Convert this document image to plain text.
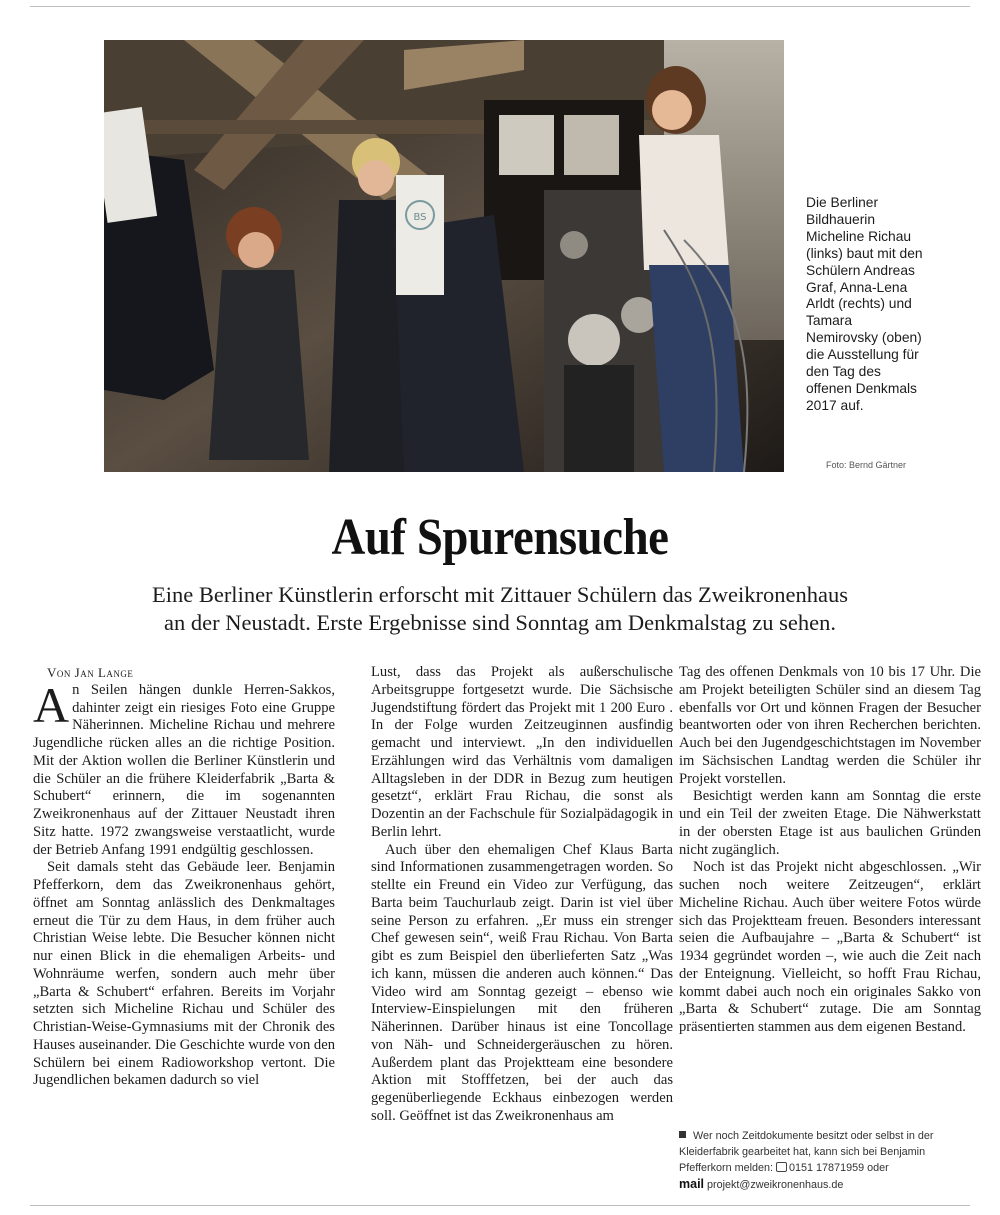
BS
Die Berliner Bildhauerin Micheline Richau (links) baut mit den Schülern Andreas Graf, Anna-Lena Arldt (rechts) und Tamara Nemirovsky (oben) die Ausstellung für den Tag des offenen Denkmals 2017 auf.
Foto: Bernd Gärtner
Auf Spurensuche
Eine Berliner Künstlerin erforscht mit Zittauer Schülern das Zweikronenhaus
an der Neustadt. Erste Ergebnisse sind Sonntag am Denkmalstag zu sehen.

Von Jan Lange

An Seilen hängen dunkle Herren-Sakkos, dahinter zeigt ein riesiges Foto eine Gruppe Näherinnen. Micheline Richau und mehrere Jugendliche rücken alles an die richtige Position. Mit der Aktion wollen die Berliner Künstlerin und die Schüler an die frühere Kleiderfabrik „Barta & Schubert“ erinnern, die im sogenannten Zweikronenhaus auf der Zittauer Neustadt ihren Sitz hatte. 1972 zwangsweise verstaatlicht, wurde der Betrieb Anfang 1991 endgültig geschlossen.

Seit damals steht das Gebäude leer. Benjamin Pfefferkorn, dem das Zweikronenhaus gehört, öffnet am Sonntag anlässlich des Denkmaltages erneut die Tür zu dem Haus, in dem früher auch Christian Weise lebte. Die Besucher können nicht nur einen Blick in die ehemaligen Arbeits- und Wohnräume werfen, sondern auch mehr über „Barta & Schubert“ erfahren. Bereits im Vorjahr setzten sich Micheline Richau und Schüler des Christian-Weise-Gymnasiums mit der Chronik des Hauses auseinander. Die Geschichte wurde von den Schülern bei einem Radioworkshop vertont. Die Jugendlichen bekamen dadurch so viel

Lust, dass das Projekt als außerschulische Arbeitsgruppe fortgesetzt wurde. Die Sächsische Jugendstiftung fördert das Projekt mit 1 200 Euro . In der Folge wurden Zeitzeuginnen ausfindig gemacht und interviewt. „In den individuellen Erzählungen wird das Verhältnis vom damaligen Alltagsleben in der DDR in Bezug zum heutigen gesetzt“, erklärt Frau Richau, die sonst als Dozentin an der Fachschule für Sozialpädagogik in Berlin lehrt.

Auch über den ehemaligen Chef Klaus Barta sind Informationen zusammengetragen worden. So stellte ein Freund ein Video zur Verfügung, das Barta beim Tauchurlaub zeigt. Darin ist viel über seine Person zu erfahren. „Er muss ein strenger Chef gewesen sein“, weiß Frau Richau. Von Barta gibt es zum Beispiel den überlieferten Satz „Was ich kann, müssen die anderen auch können.“ Das Video wird am Sonntag gezeigt – ebenso wie Interview-Einspielungen mit den früheren Näherinnen. Darüber hinaus ist eine Toncollage von Näh- und Schneidergeräuschen zu hören. Außerdem plant das Projektteam eine besondere Aktion mit Stofffetzen, bei der auch das gegenüberliegende Eckhaus einbezogen werden soll. Geöffnet ist das Zweikronenhaus am

Tag des offenen Denkmals von 10 bis 17 Uhr. Die am Projekt beteiligten Schüler sind an diesem Tag ebenfalls vor Ort und können Fragen der Besucher beantworten oder von ihren Recherchen berichten. Auch bei den Jugendgeschichtstagen im November im Sächsischen Landtag werden die Schüler ihr Projekt vorstellen.

Besichtigt werden kann am Sonntag die erste und ein Teil der zweiten Etage. Die Nähwerkstatt in der obersten Etage ist aus baulichen Gründen nicht zugänglich.

Noch ist das Projekt nicht abgeschlossen. „Wir suchen noch weitere Zeitzeugen“, erklärt Micheline Richau. Auch über weitere Fotos würde sich das Projektteam freuen. Besonders interessant seien die Aufbaujahre – „Barta & Schubert“ ist 1934 gegründet worden –, wie auch die Zeit nach der Enteignung. Vielleicht, so hofft Frau Richau, kommt dabei auch noch ein originales Sakko von „Barta & Schubert“ zutage. Die am Sonntag präsentierten stammen aus dem eigenen Bestand.

Wer noch Zeitdokumente besitzt oder selbst in der Kleiderfabrik gearbeitet hat, kann sich bei Benjamin Pfefferkorn melden: 0151 17871959 oder
mail projekt@zweikronenhaus.de
